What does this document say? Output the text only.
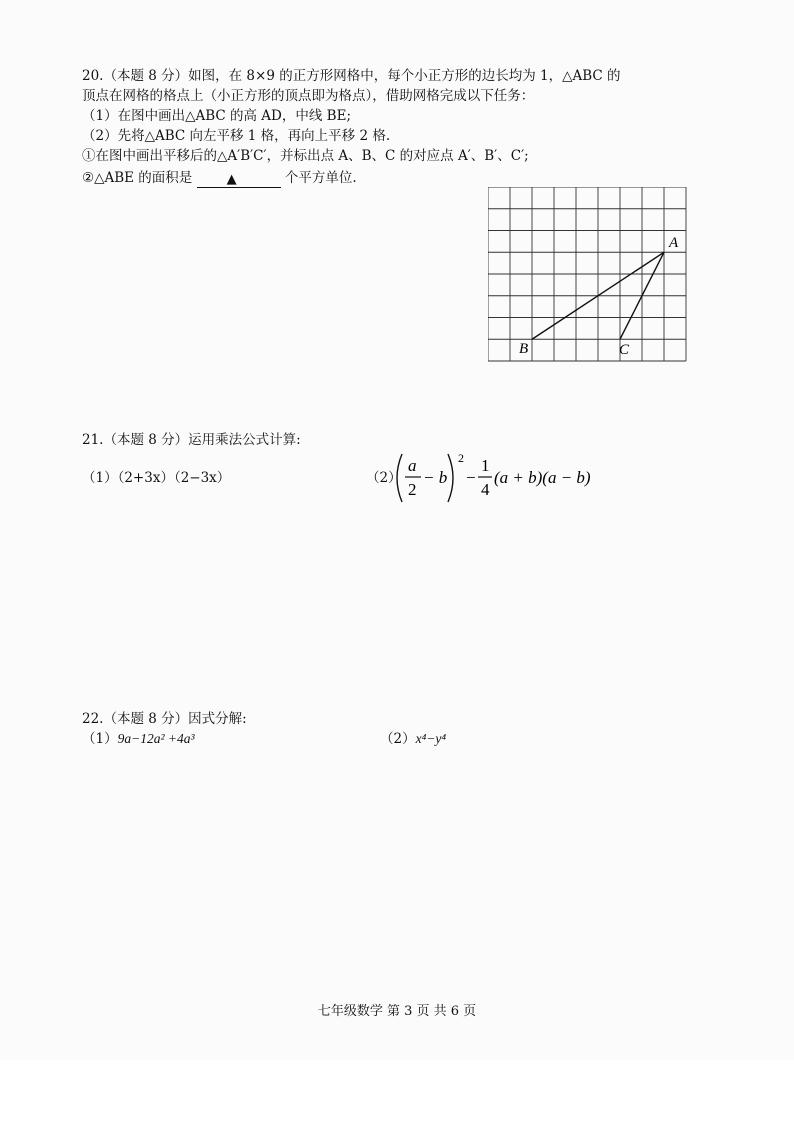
20.（本题 8 分）如图，在 8×9 的正方形网格中，每个小正方形的边长均为 1，△ABC 的
顶点在网格的格点上（小正方形的顶点即为格点），借助网格完成以下任务：
（1）在图中画出△ABC 的高 AD，中线 BE;
（2）先将△ABC 向左平移 1 格，再向上平移 2 格.
①在图中画出平移后的△A′B′C′，并标出点 A、B、C 的对应点 A′、B′、C′;
②△ABE 的面积是	▲	个平方单位.
A
B	C
21.（本题 8 分）运用乘法公式计算:
（1）（2+3x）（2−3x）	（2）
a
2
− b
2
−
1
4
(a + b)(a − b)
22.（本题 8 分）因式分解:
（1）9a−12a² +4a³	（2）x⁴−y⁴
七年级数学 第 3 页 共 6 页
